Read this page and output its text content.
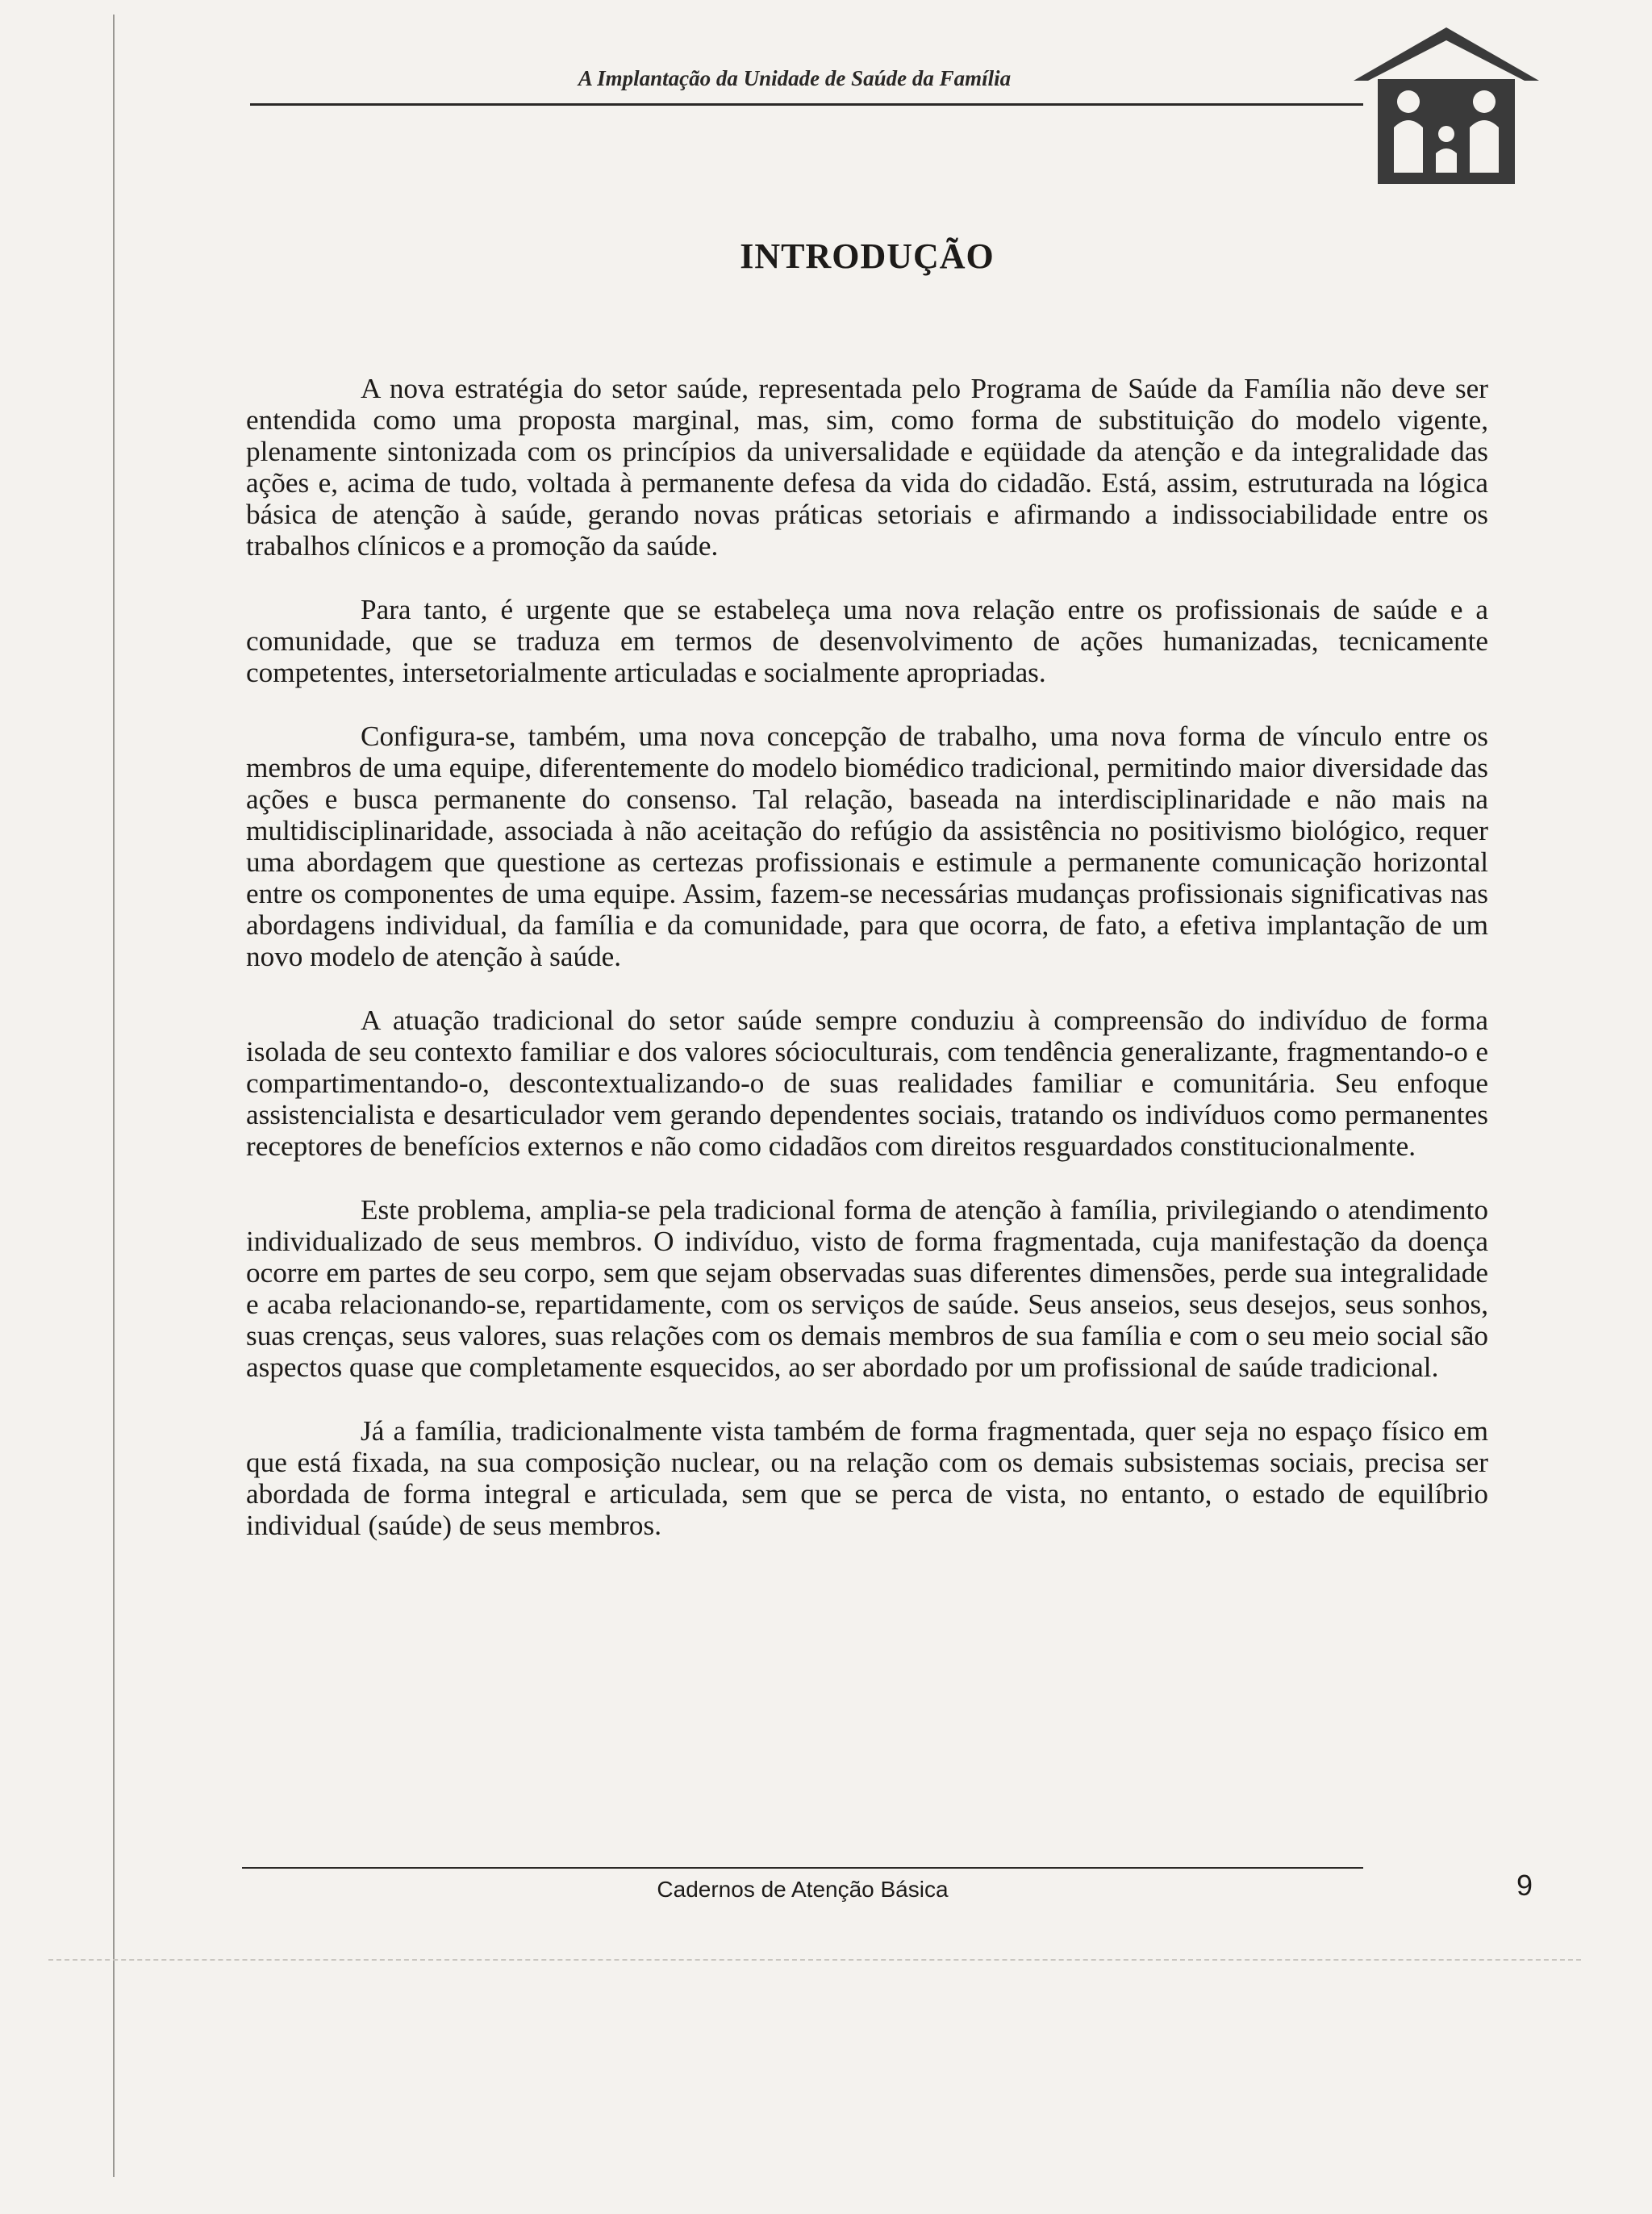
A Implantação da Unidade de Saúde da Família
INTRODUÇÃO

A nova estratégia do setor saúde, representada pelo Programa de Saúde da Família não deve ser entendida como uma proposta marginal, mas, sim, como forma de substituição do modelo vigente, plenamente sintonizada com os princípios da universalidade e eqüidade da atenção e da integralidade das ações e, acima de tudo, voltada à permanente defesa da vida do cidadão. Está, assim, estruturada na lógica básica de atenção à saúde, gerando novas práticas setoriais e afirmando a indissociabilidade entre os trabalhos clínicos e a promoção da saúde.

Para tanto, é urgente que se estabeleça uma nova relação entre os profissionais de saúde e a comunidade, que se traduza em termos de desenvolvimento de ações humanizadas, tecnicamente competentes, intersetorialmente articuladas e socialmente apropriadas.

Configura-se, também, uma nova concepção de trabalho, uma nova forma de vínculo entre os membros de uma equipe, diferentemente do modelo biomédico tradicional, permitindo maior diversidade das ações e busca permanente do consenso. Tal relação, baseada na interdisciplinaridade e não mais na multidisciplinaridade, associada à não aceitação do refúgio da assistência no positivismo biológico, requer uma abordagem que questione as certezas profissionais e estimule a permanente comunicação horizontal entre os componentes de uma equipe. Assim, fazem-se necessárias mudanças profissionais significativas nas abordagens individual, da família e da comunidade, para que ocorra, de fato, a efetiva implantação de um novo modelo de atenção à saúde.

A atuação tradicional do setor saúde sempre conduziu à compreensão do indivíduo de forma isolada de seu contexto familiar e dos valores sócioculturais, com tendência generalizante, fragmentando-o e compartimentando-o, descontextualizando-o de suas realidades familiar e comunitária. Seu enfoque assistencialista e desarticulador vem gerando dependentes sociais, tratando os indivíduos como permanentes receptores de benefícios externos e não como cidadãos com direitos resguardados constitucionalmente.

Este problema, amplia-se pela tradicional forma de atenção à família, privilegiando o atendimento individualizado de seus membros. O indivíduo, visto de forma fragmentada, cuja manifestação da doença ocorre em partes de seu corpo, sem que sejam observadas suas diferentes dimensões, perde sua integralidade e acaba relacionando-se, repartidamente, com os serviços de saúde. Seus anseios, seus desejos, seus sonhos, suas crenças, seus valores, suas relações com os demais membros de sua família e com o seu meio social são aspectos quase que completamente esquecidos, ao ser abordado por um profissional de saúde tradicional.

Já a família, tradicionalmente vista também de forma fragmentada, quer seja no espaço físico em que está fixada, na sua composição nuclear, ou na relação com os demais subsistemas sociais, precisa ser abordada de forma integral e articulada, sem que se perca de vista, no entanto, o estado de equilíbrio individual (saúde) de seus membros.

Cadernos de Atenção Básica	9
